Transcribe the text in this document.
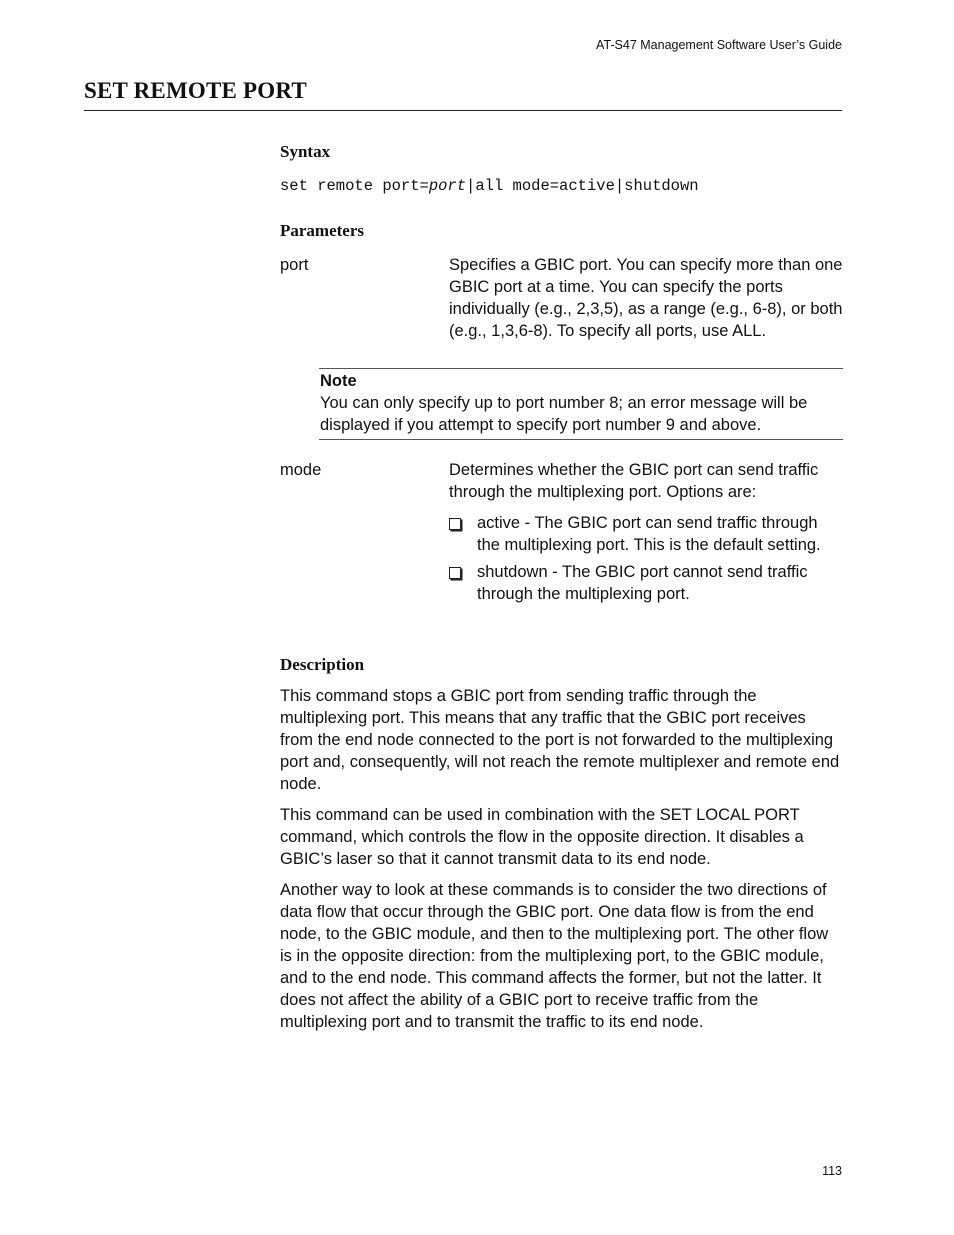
AT-S47 Management Software User’s Guide
SET REMOTE PORT
Syntax
set remote port=port|all mode=active|shutdown
Parameters
port	Specifies a GBIC port. You can specify more than one GBIC port at a time. You can specify the ports individually (e.g., 2,3,5), as a range (e.g., 6-8), or both (e.g., 1,3,6-8). To specify all ports, use ALL.
Note
You can only specify up to port number 8; an error message will be displayed if you attempt to specify port number 9 and above.
mode	Determines whether the GBIC port can send traffic through the multiplexing port. Options are:
active - The GBIC port can send traffic through the multiplexing port. This is the default setting.
shutdown - The GBIC port cannot send traffic through the multiplexing port.
Description

This command stops a GBIC port from sending traffic through the multiplexing port. This means that any traffic that the GBIC port receives from the end node connected to the port is not forwarded to the multiplexing port and, consequently, will not reach the remote multiplexer and remote end node.

This command can be used in combination with the SET LOCAL PORT command, which controls the flow in the opposite direction. It disables a GBIC’s laser so that it cannot transmit data to its end node.

Another way to look at these commands is to consider the two directions of data flow that occur through the GBIC port. One data flow is from the end node, to the GBIC module, and then to the multiplexing port. The other flow is in the opposite direction: from the multiplexing port, to the GBIC module, and to the end node. This command affects the former, but not the latter. It does not affect the ability of a GBIC port to receive traffic from the multiplexing port and to transmit the traffic to its end node.

113
